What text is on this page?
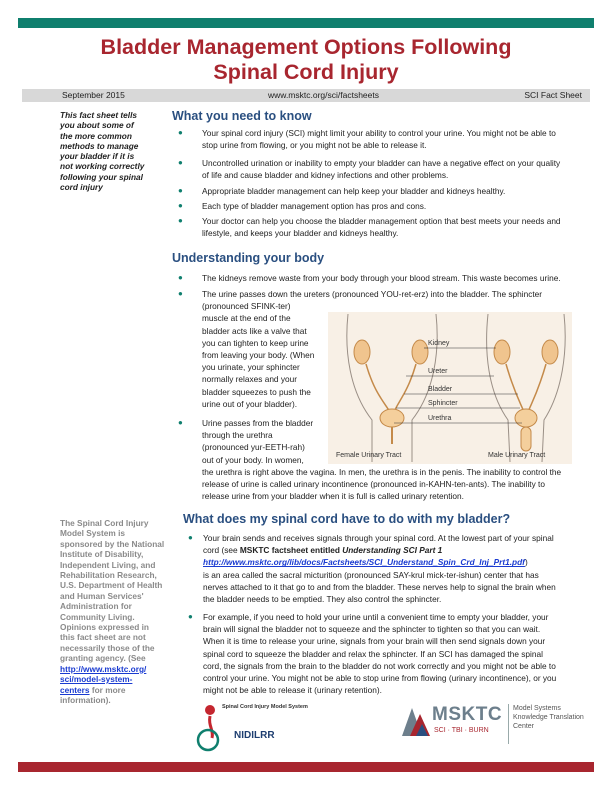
Bladder Management Options Following
Spinal Cord Injury
September 2015	www.msktc.org/sci/factsheets	SCI Fact Sheet
This fact sheet tells
you about some of
the more common
methods to manage
your bladder if it is
not working correctly
following your spinal
cord injury
The Spinal Cord Injury
Model System is
sponsored by the National
Institute of Disability,
Independent Living, and
Rehabilitation Research,
U.S. Department of Health
and Human Services'
Administration for
Community Living.
Opinions expressed in
this fact sheet are not
necessarily those of the
granting agency. (See
http://www.msktc.org/
sci/model-system-
centers for more
information).
What you need to know
● Your spinal cord injury (SCI) might limit your ability to control your urine. You might not be able to
stop urine from flowing, or you might not be able to release it.
● Uncontrolled urination or inability to empty your bladder can have a negative effect on your quality
of life and cause bladder and kidney infections and other problems.
● Appropriate bladder management can help keep your bladder and kidneys healthy.
● Each type of bladder management option has pros and cons.
● Your doctor can help you choose the bladder management option that best meets your needs and
lifestyle, and keeps your bladder and kidneys healthy.
Understanding your body
● The kidneys remove waste from your body through your blood stream. This waste becomes urine.
● The urine passes down the ureters (pronounced YOU-ret-erz) into the bladder. The sphincter
(pronounced SFINK-ter)
muscle at the end of the
bladder acts like a valve that
you can tighten to keep urine
from leaving your body. (When
you urinate, your sphincter
normally relaxes and your
bladder squeezes to push the
urine out of your bladder).
● Urine passes from the bladder
through the urethra
(pronounced yur-EETH-rah)
out of your body. In women,
the urethra is right above the vagina. In men, the urethra is in the penis. The inability to control the
release of urine is called urinary incontinence (pronounced in-KAHN-ten-ants). The inability to
release urine from your bladder when it is full is called urinary retention.
Kidney
Ureter
Bladder
Sphincter
Urethra
Female Urinary Tract	Male Urinary Tract
What does my spinal cord have to do with my bladder?
● Your brain sends and receives signals through your spinal cord. At the lowest part of your spinal
cord (see MSKTC factsheet entitled Understanding SCI Part 1
http://www.msktc.org/lib/docs/Factsheets/SCI_Understand_Spin_Crd_Inj_Prt1.pdf)
is an area called the sacral micturition (pronounced SAY-krul mick-ter-ishun) center that has
nerves attached to it that go to and from the bladder. These nerves help to signal the brain when
the bladder needs to be emptied. They also control the sphincter.
● For example, if you need to hold your urine until a convenient time to empty your bladder, your
brain will signal the bladder not to squeeze and the sphincter to tighten so that you can wait.
When it is time to release your urine, signals from your brain will then send signals down your
spinal cord to squeeze the bladder and relax the sphincter. If an SCI has damaged the spinal
cord, the signals from the brain to the bladder do not work correctly and you might not be able to
control your urine. You might not be able to stop urine from flowing (urinary incontinence), or you
might not be able to release it (urinary retention).
Spinal Cord Injury Model System
NIDILRR
MSKTC
SCI · TBI · BURN
Model Systems
Knowledge Translation
Center
